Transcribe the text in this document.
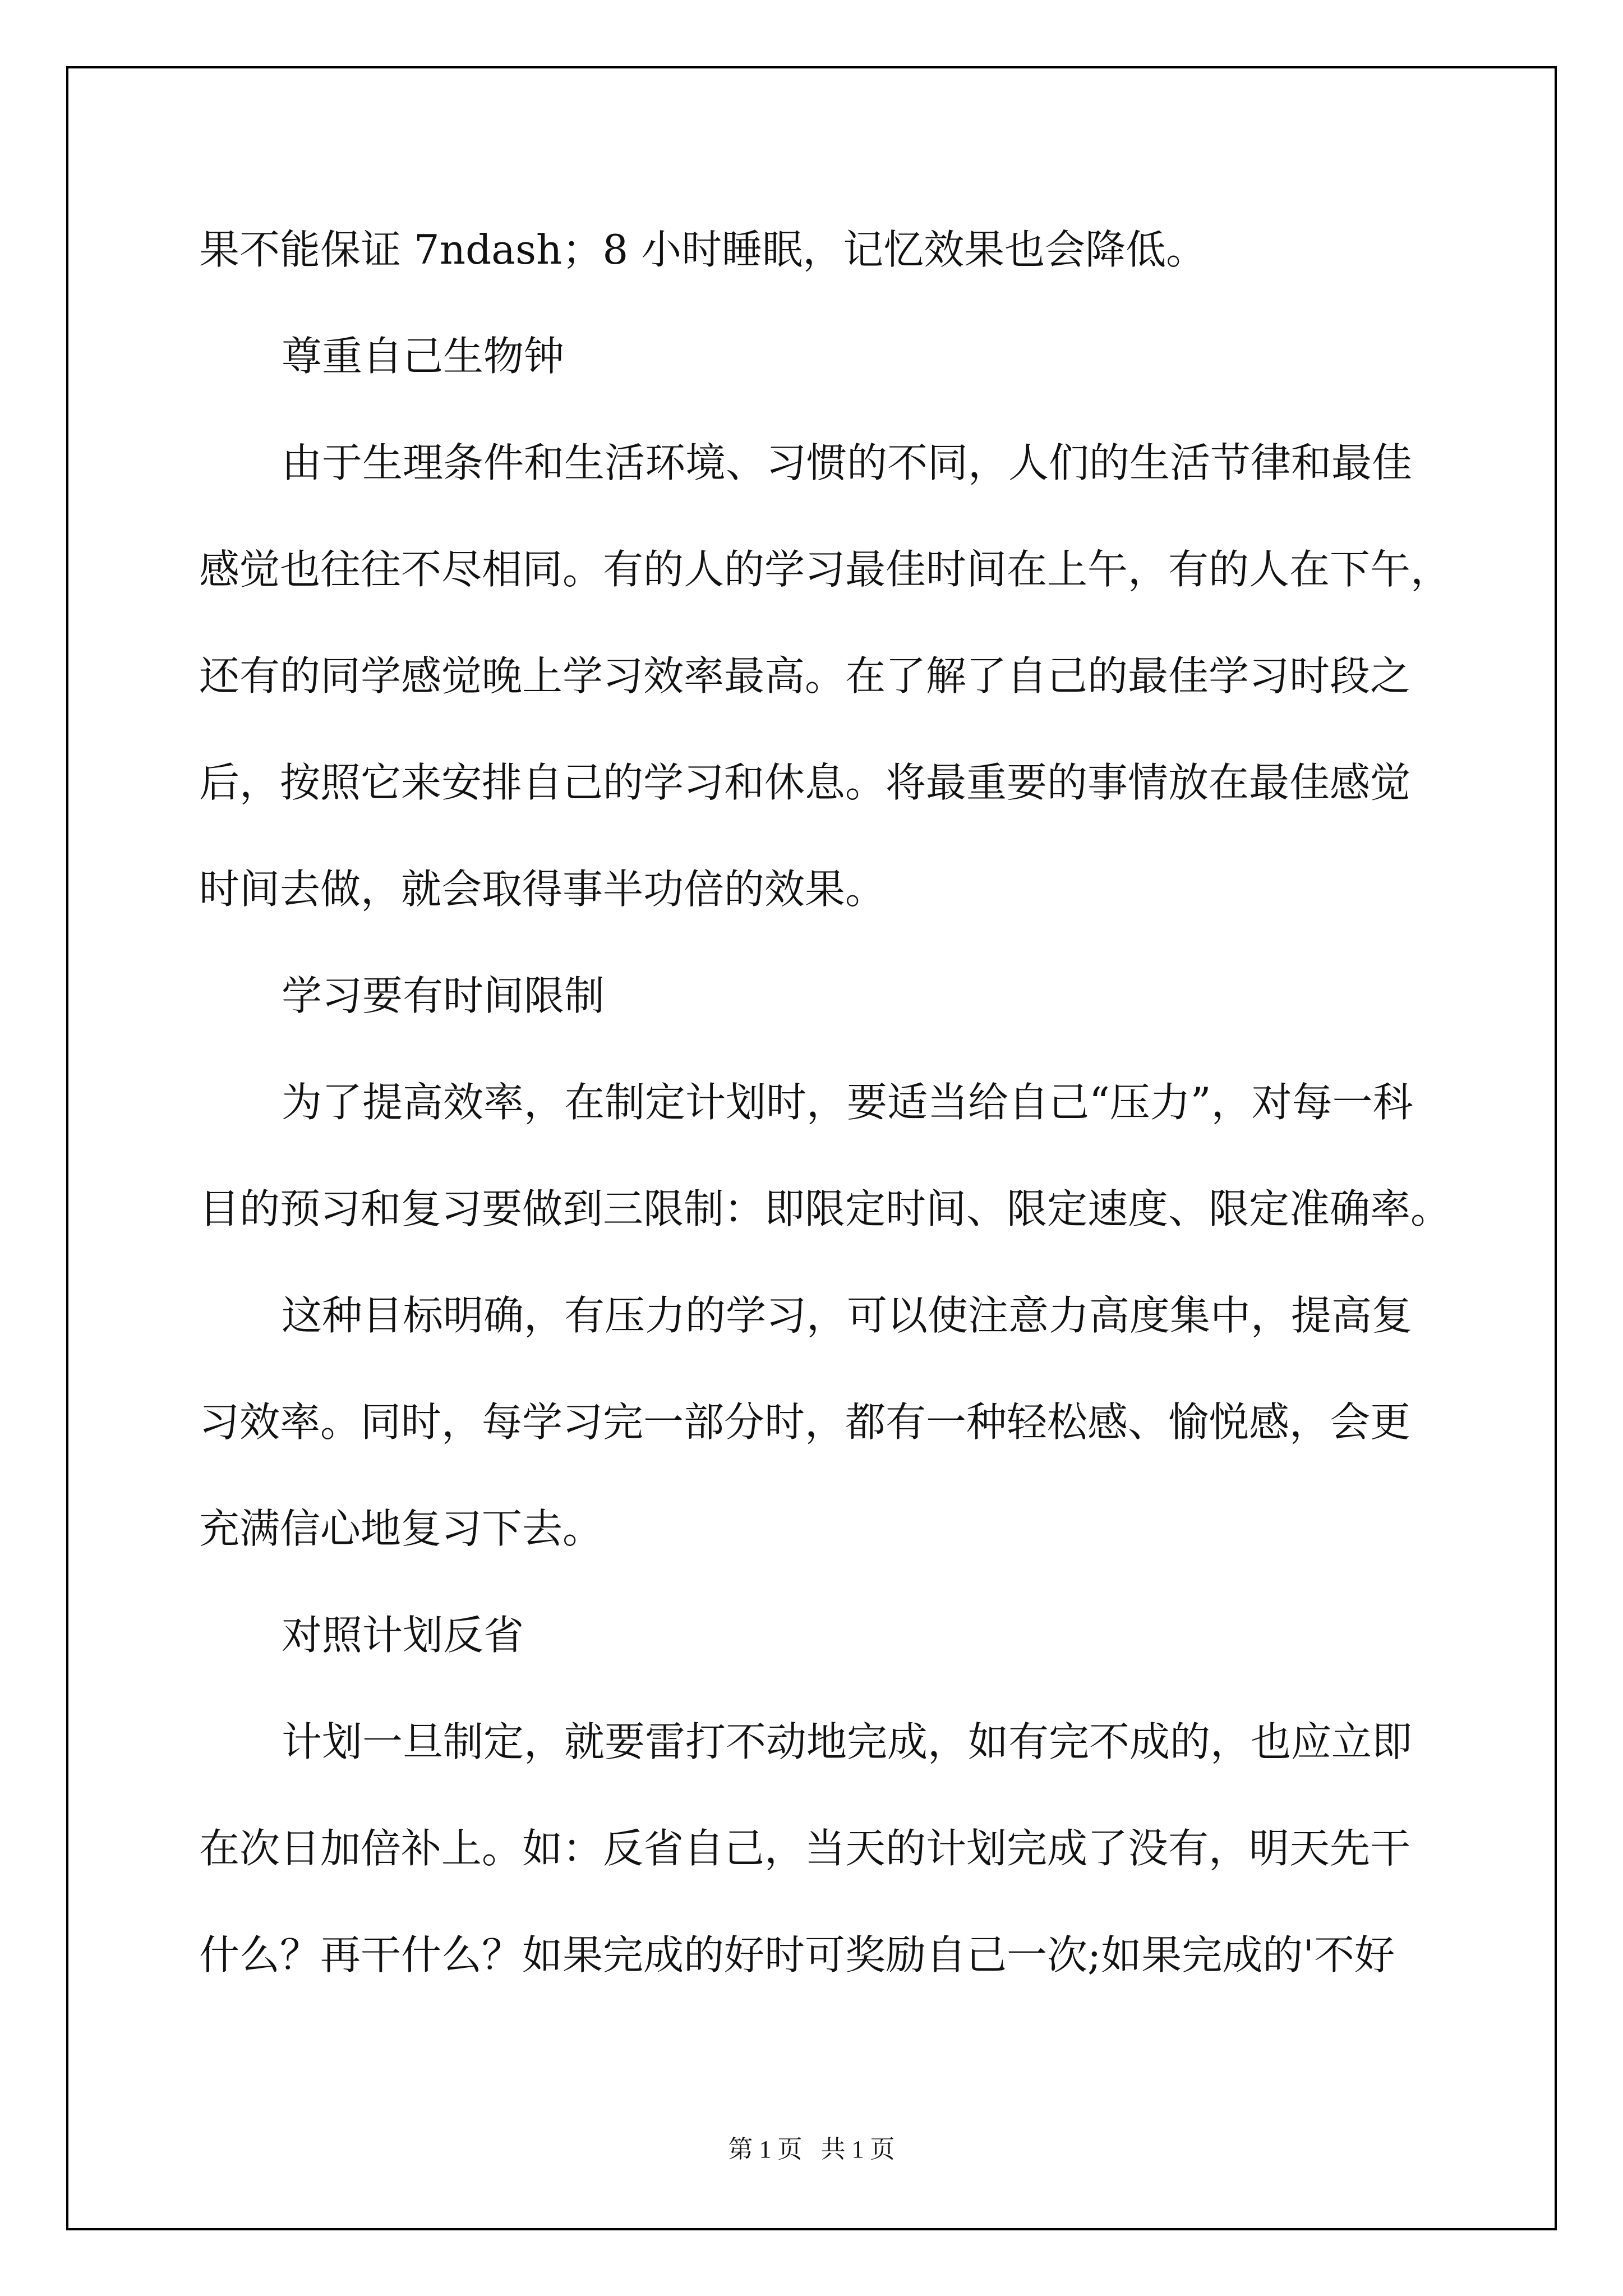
果不能保证 7ndash；8 小时睡眠，记忆效果也会降低。

尊重自己生物钟

由于生理条件和生活环境、习惯的不同，人们的生活节律和最佳

感觉也往往不尽相同。有的人的学习最佳时间在上午，有的人在下午，

还有的同学感觉晚上学习效率最高。在了解了自己的最佳学习时段之

后，按照它来安排自己的学习和休息。将最重要的事情放在最佳感觉

时间去做，就会取得事半功倍的效果。

学习要有时间限制

为了提高效率，在制定计划时，要适当给自己“压力”，对每一科

目的预习和复习要做到三限制：即限定时间、限定速度、限定准确率。

这种目标明确，有压力的学习，可以使注意力高度集中，提高复

习效率。同时，每学习完一部分时，都有一种轻松感、愉悦感，会更

充满信心地复习下去。

对照计划反省

计划一旦制定，就要雷打不动地完成，如有完不成的，也应立即

在次日加倍补上。如：反省自己，当天的计划完成了没有，明天先干

什么？再干什么？如果完成的好时可奖励自己一次;如果完成的'不好

第 1 页   共 1 页
